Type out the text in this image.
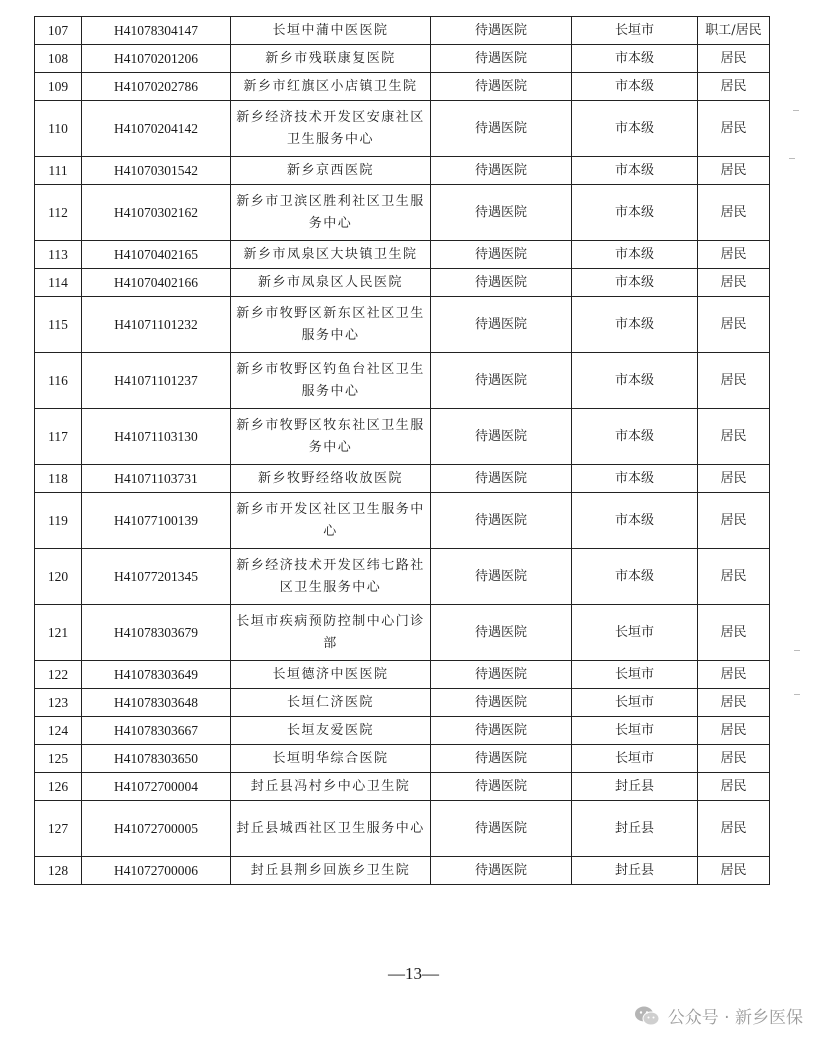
107	H41078304147	长垣中蒲中医医院	待遇医院	长垣市	职工/居民
108	H41070201206	新乡市残联康复医院	待遇医院	市本级	居民
109	H41070202786	新乡市红旗区小店镇卫生院	待遇医院	市本级	居民
110	H41070204142	新乡经济技术开发区安康社区卫生服务中心	待遇医院	市本级	居民
111	H41070301542	新乡京西医院	待遇医院	市本级	居民
112	H41070302162	新乡市卫滨区胜利社区卫生服务中心	待遇医院	市本级	居民
113	H41070402165	新乡市凤泉区大块镇卫生院	待遇医院	市本级	居民
114	H41070402166	新乡市凤泉区人民医院	待遇医院	市本级	居民
115	H41071101232	新乡市牧野区新东区社区卫生服务中心	待遇医院	市本级	居民
116	H41071101237	新乡市牧野区钓鱼台社区卫生服务中心	待遇医院	市本级	居民
117	H41071103130	新乡市牧野区牧东社区卫生服务中心	待遇医院	市本级	居民
118	H41071103731	新乡牧野经络收放医院	待遇医院	市本级	居民
119	H41077100139	新乡市开发区社区卫生服务中心	待遇医院	市本级	居民
120	H41077201345	新乡经济技术开发区纬七路社区卫生服务中心	待遇医院	市本级	居民
121	H41078303679	长垣市疾病预防控制中心门诊部	待遇医院	长垣市	居民
122	H41078303649	长垣德济中医医院	待遇医院	长垣市	居民
123	H41078303648	长垣仁济医院	待遇医院	长垣市	居民
124	H41078303667	长垣友爱医院	待遇医院	长垣市	居民
125	H41078303650	长垣明华综合医院	待遇医院	长垣市	居民
126	H41072700004	封丘县冯村乡中心卫生院	待遇医院	封丘县	居民
127	H41072700005	封丘县城西社区卫生服务中心	待遇医院	封丘县	居民
128	H41072700006	封丘县荆乡回族乡卫生院	待遇医院	封丘县	居民
—13—
公众号 · 新乡医保
